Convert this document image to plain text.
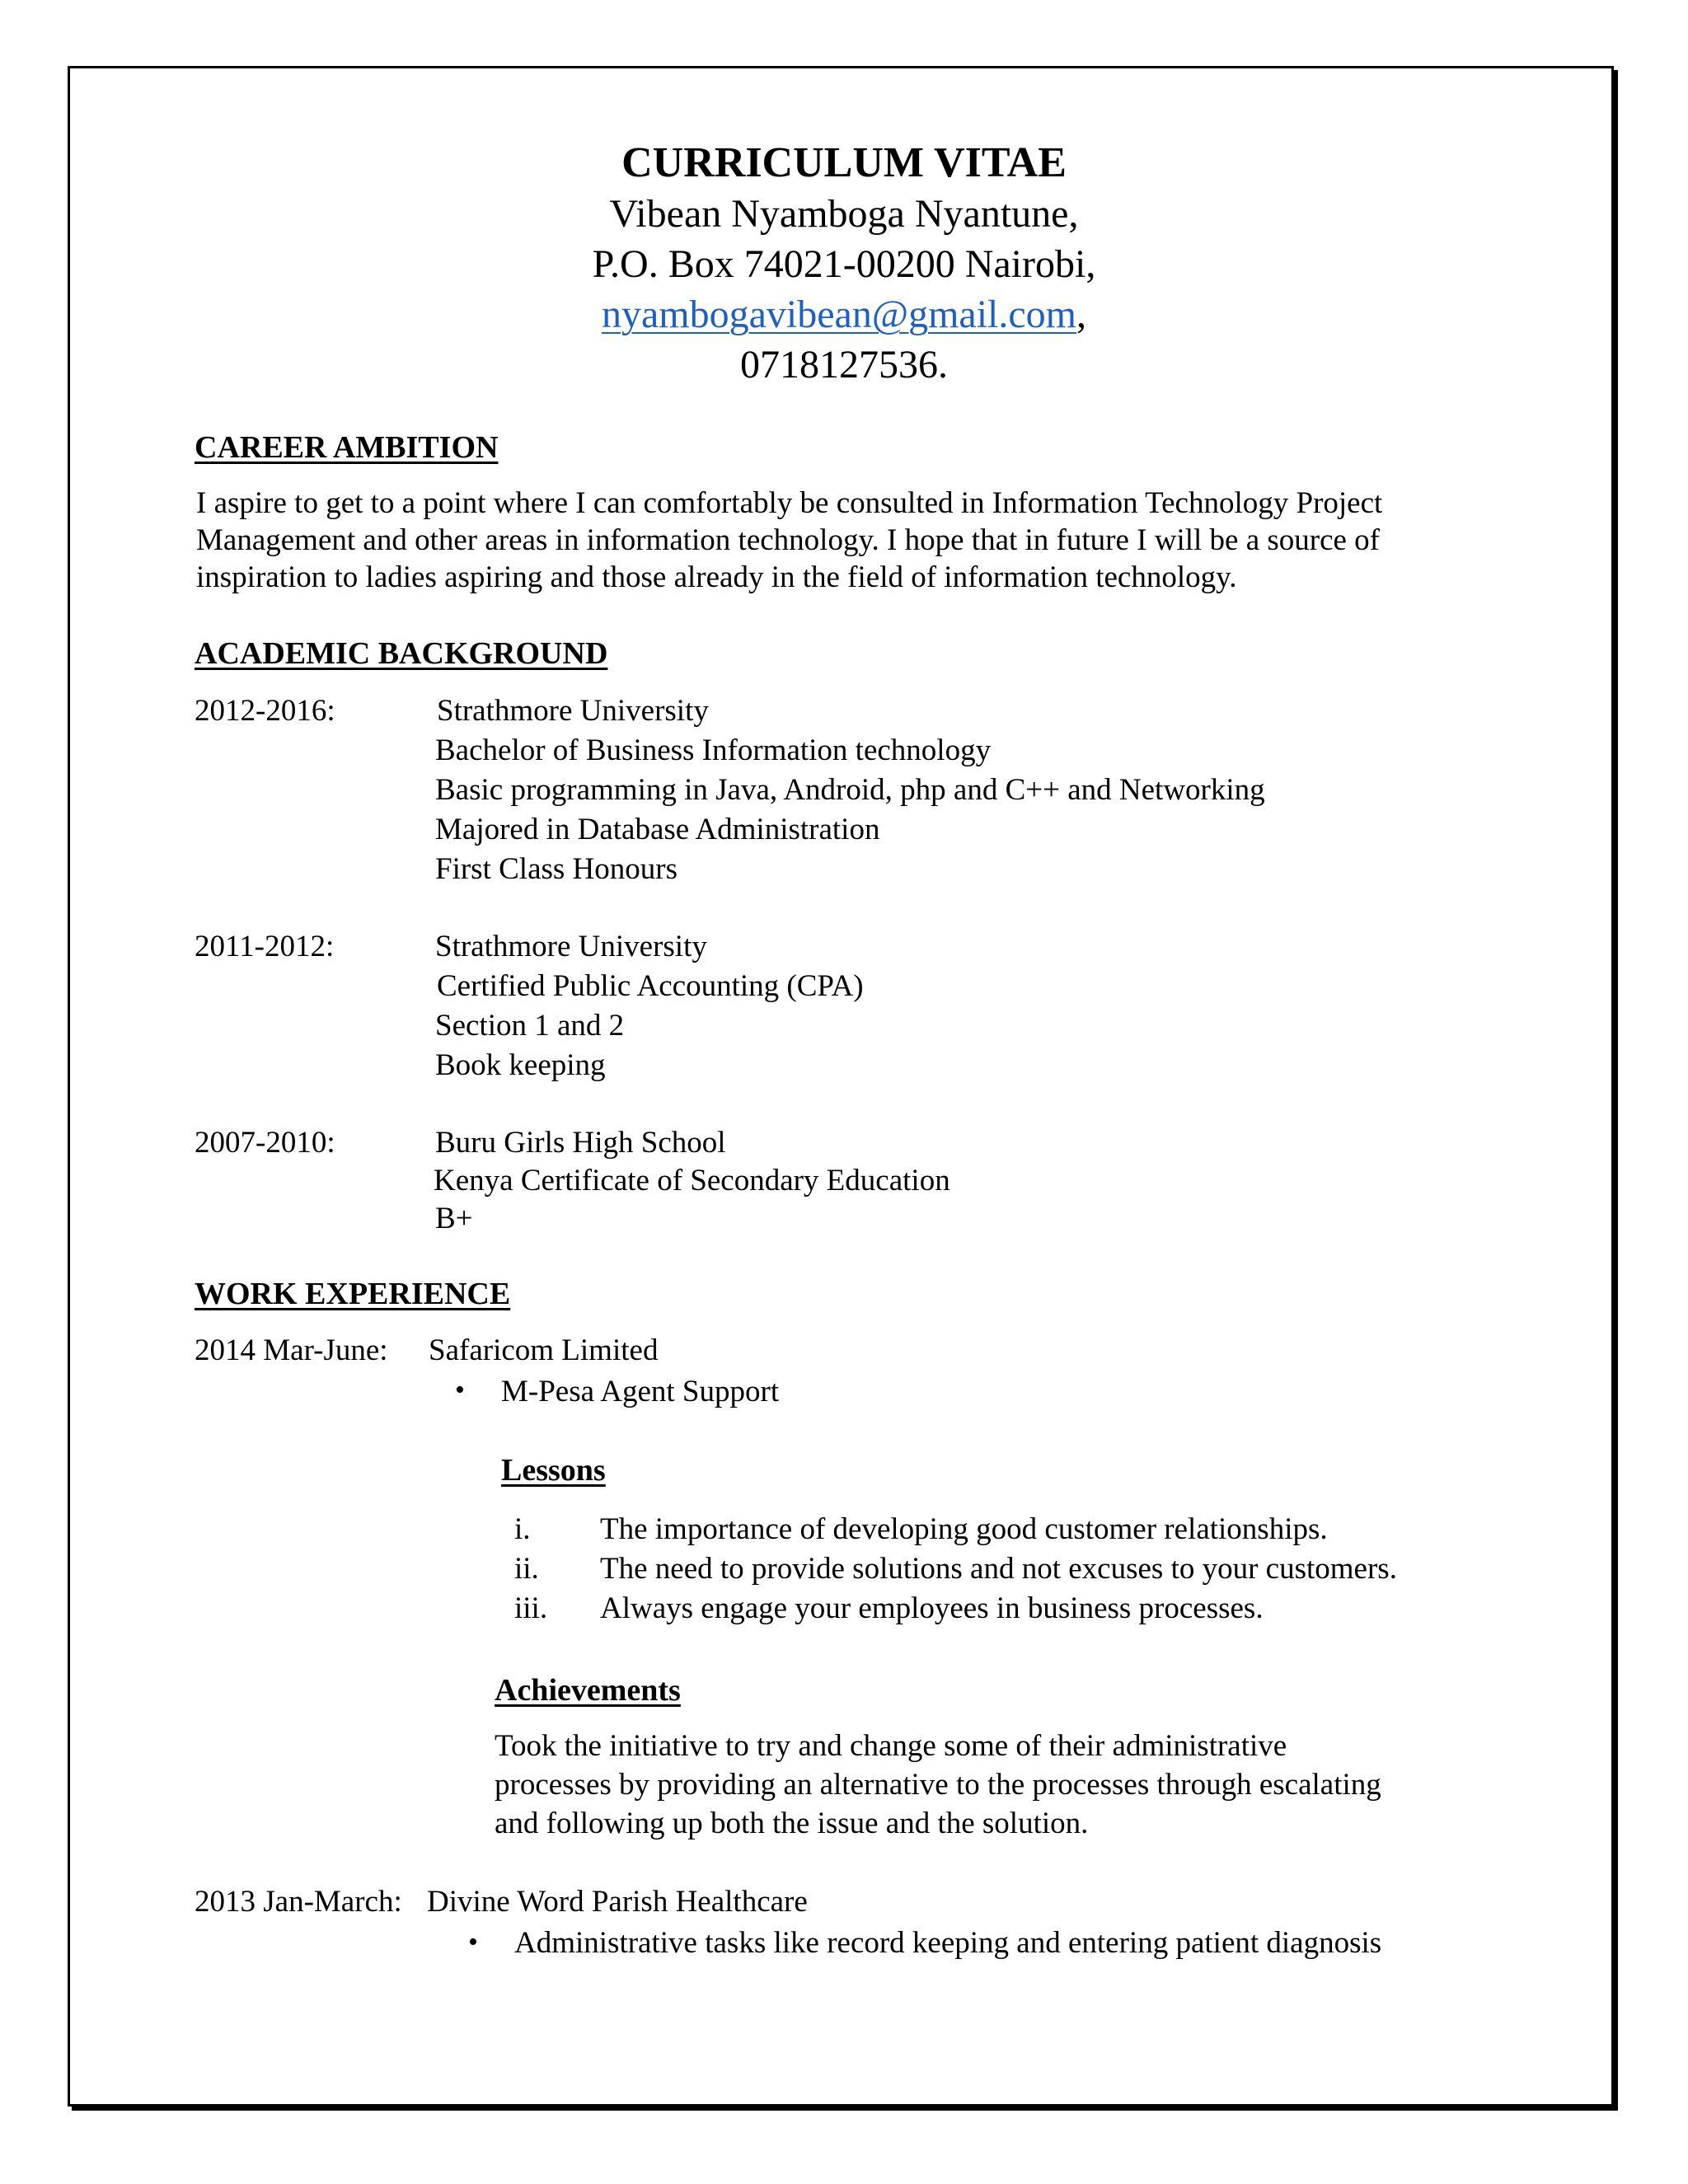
CURRICULUM VITAE
Vibean Nyamboga Nyantune,
P.O. Box 74021-00200 Nairobi,
nyambogavibean@gmail.com,
0718127536.
CAREER AMBITION
I aspire to get to a point where I can comfortably be consulted in Information Technology Project
Management and other areas in information technology. I hope that in future I will be a source of
inspiration to ladies aspiring and those already in the field of information technology.
ACADEMIC BACKGROUND
2012-2016:	Strathmore University
Bachelor of Business Information technology
Basic programming in Java, Android, php and C++ and Networking
Majored in Database Administration
First Class Honours
2011-2012:	Strathmore University
Certified Public Accounting (CPA)
Section 1 and 2
Book keeping
2007-2010:	Buru Girls High School
Kenya Certificate of Secondary Education
B+
WORK EXPERIENCE
2014 Mar-June: Safaricom Limited
• M-Pesa Agent Support
Lessons
i. The importance of developing good customer relationships.
ii. The need to provide solutions and not excuses to your customers.
iii. Always engage your employees in business processes.
Achievements
Took the initiative to try and change some of their administrative
processes by providing an alternative to the processes through escalating
and following up both the issue and the solution.
2013 Jan-March: Divine Word Parish Healthcare
• Administrative tasks like record keeping and entering patient diagnosis
